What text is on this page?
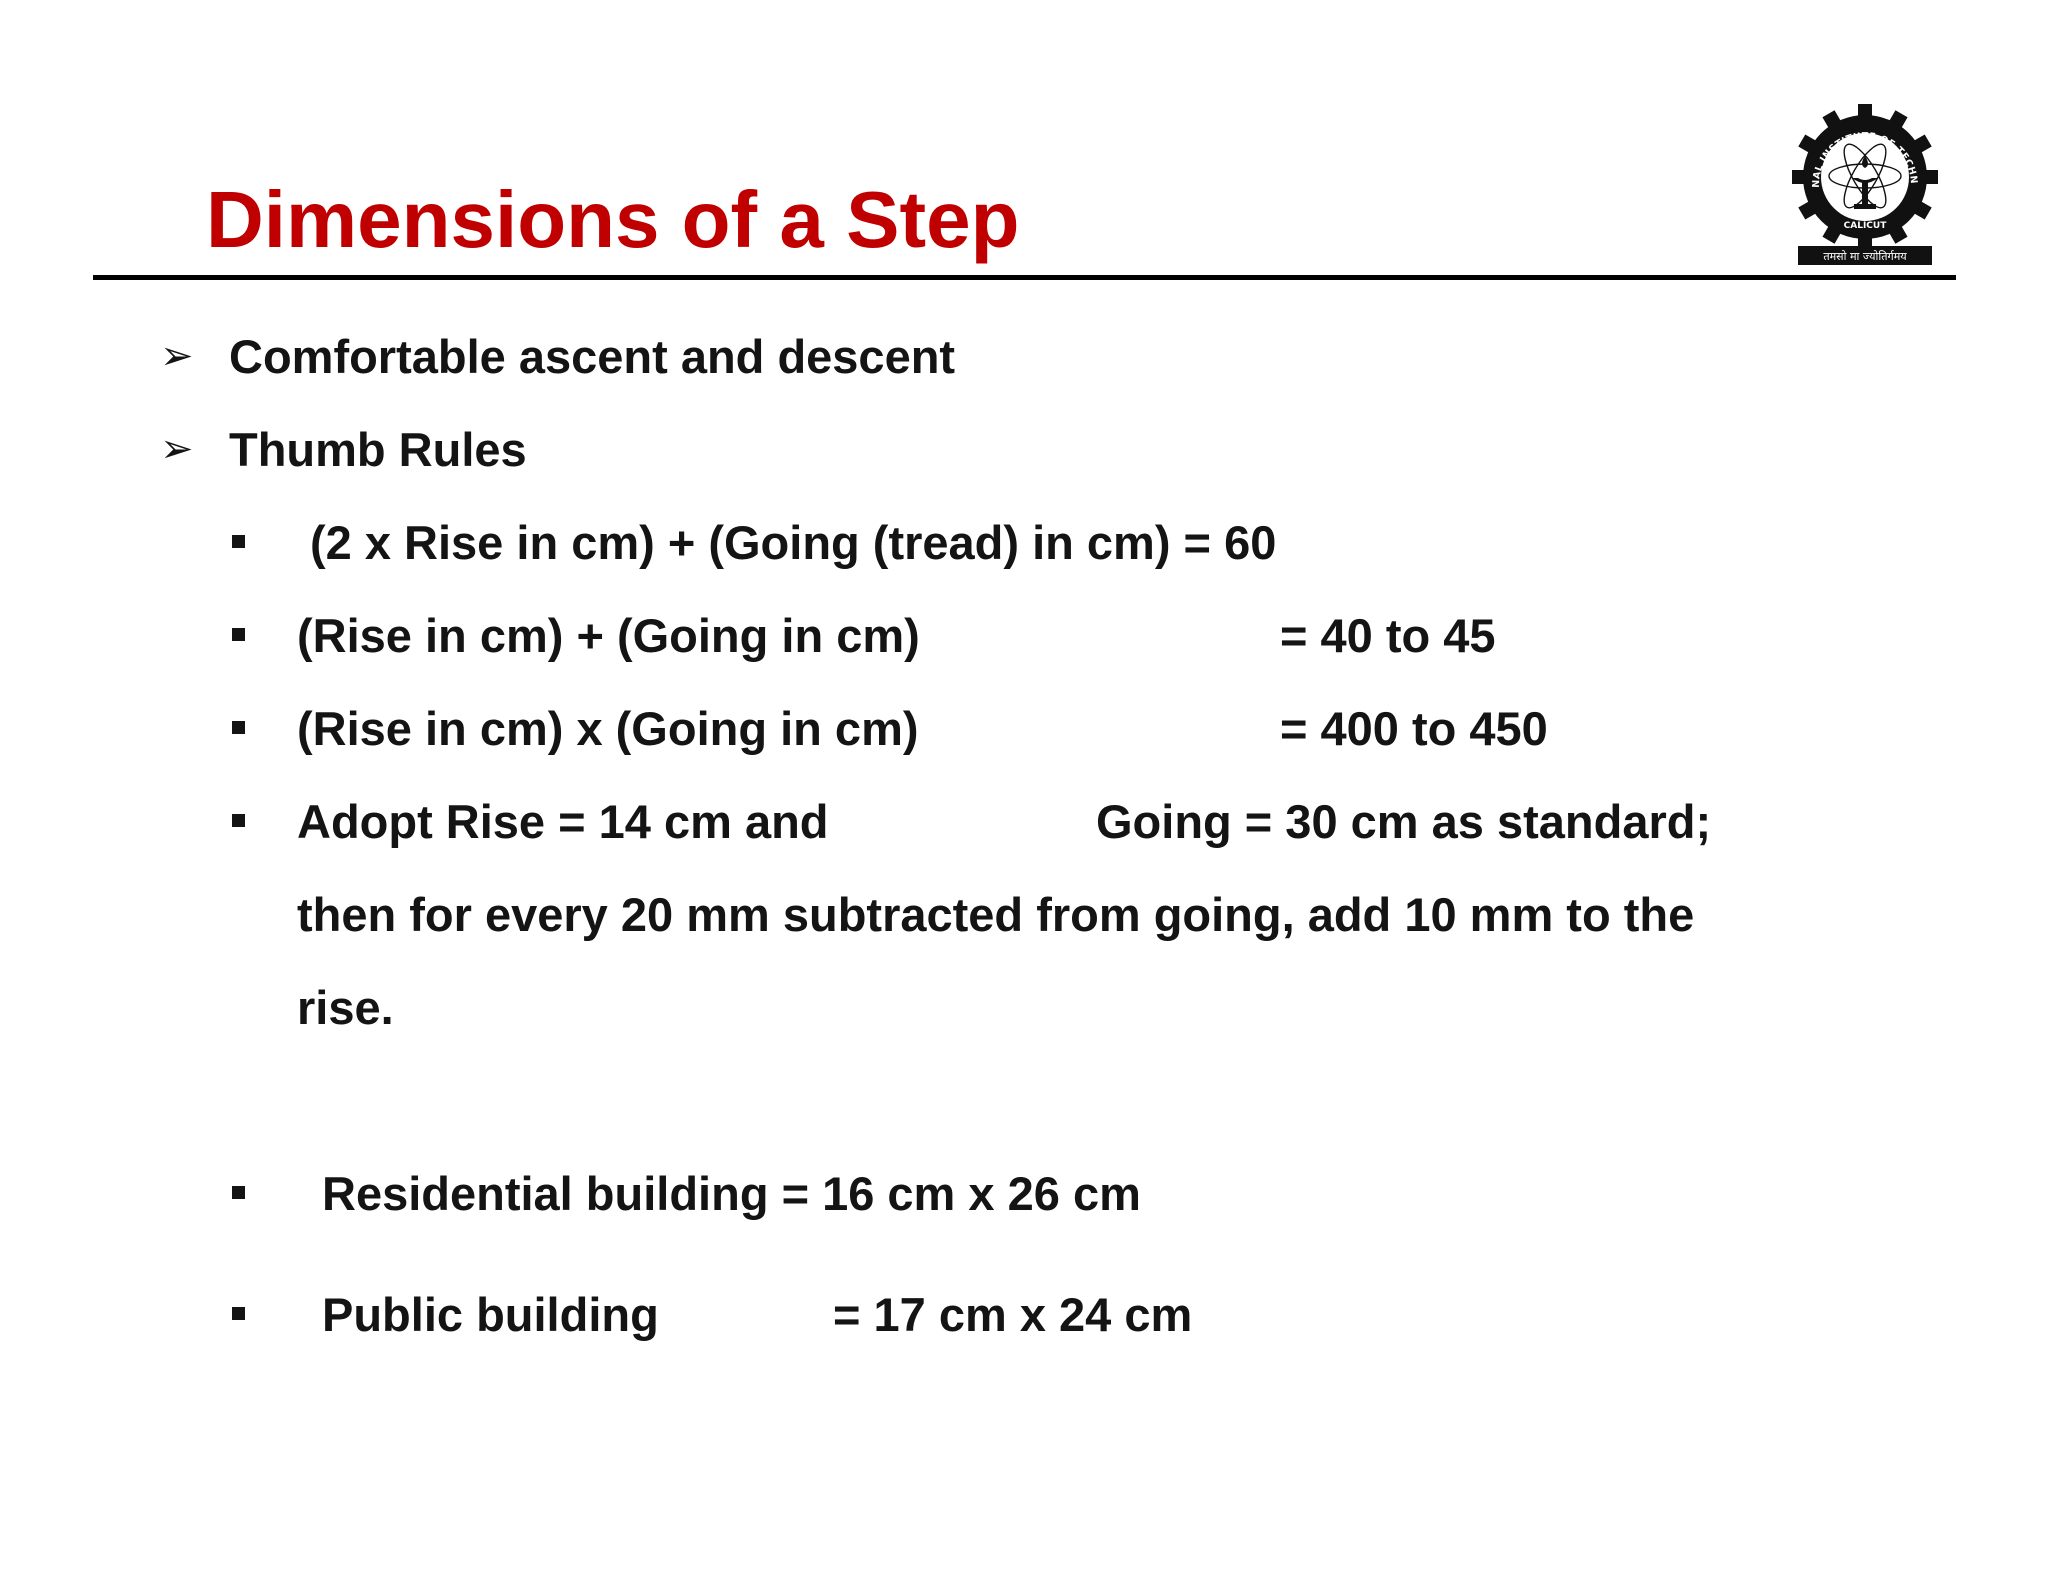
Dimensions of a Step	NAL INSTITUTE OF TECHN
CALICUT
तमसो मा ज्योतिर्गमय
➢ Comfortable ascent and descent
➢ Thumb Rules
(2 x Rise in cm) + (Going (tread) in cm) = 60
(Rise in cm) + (Going in cm)	= 40 to 45
(Rise in cm) x (Going in cm)	= 400 to 450
Adopt Rise = 14 cm and	Going = 30 cm as standard;
then for every 20 mm subtracted from going, add 10 mm to the
rise.
Residential building = 16 cm x 26 cm
Public building	= 17 cm x 24 cm
